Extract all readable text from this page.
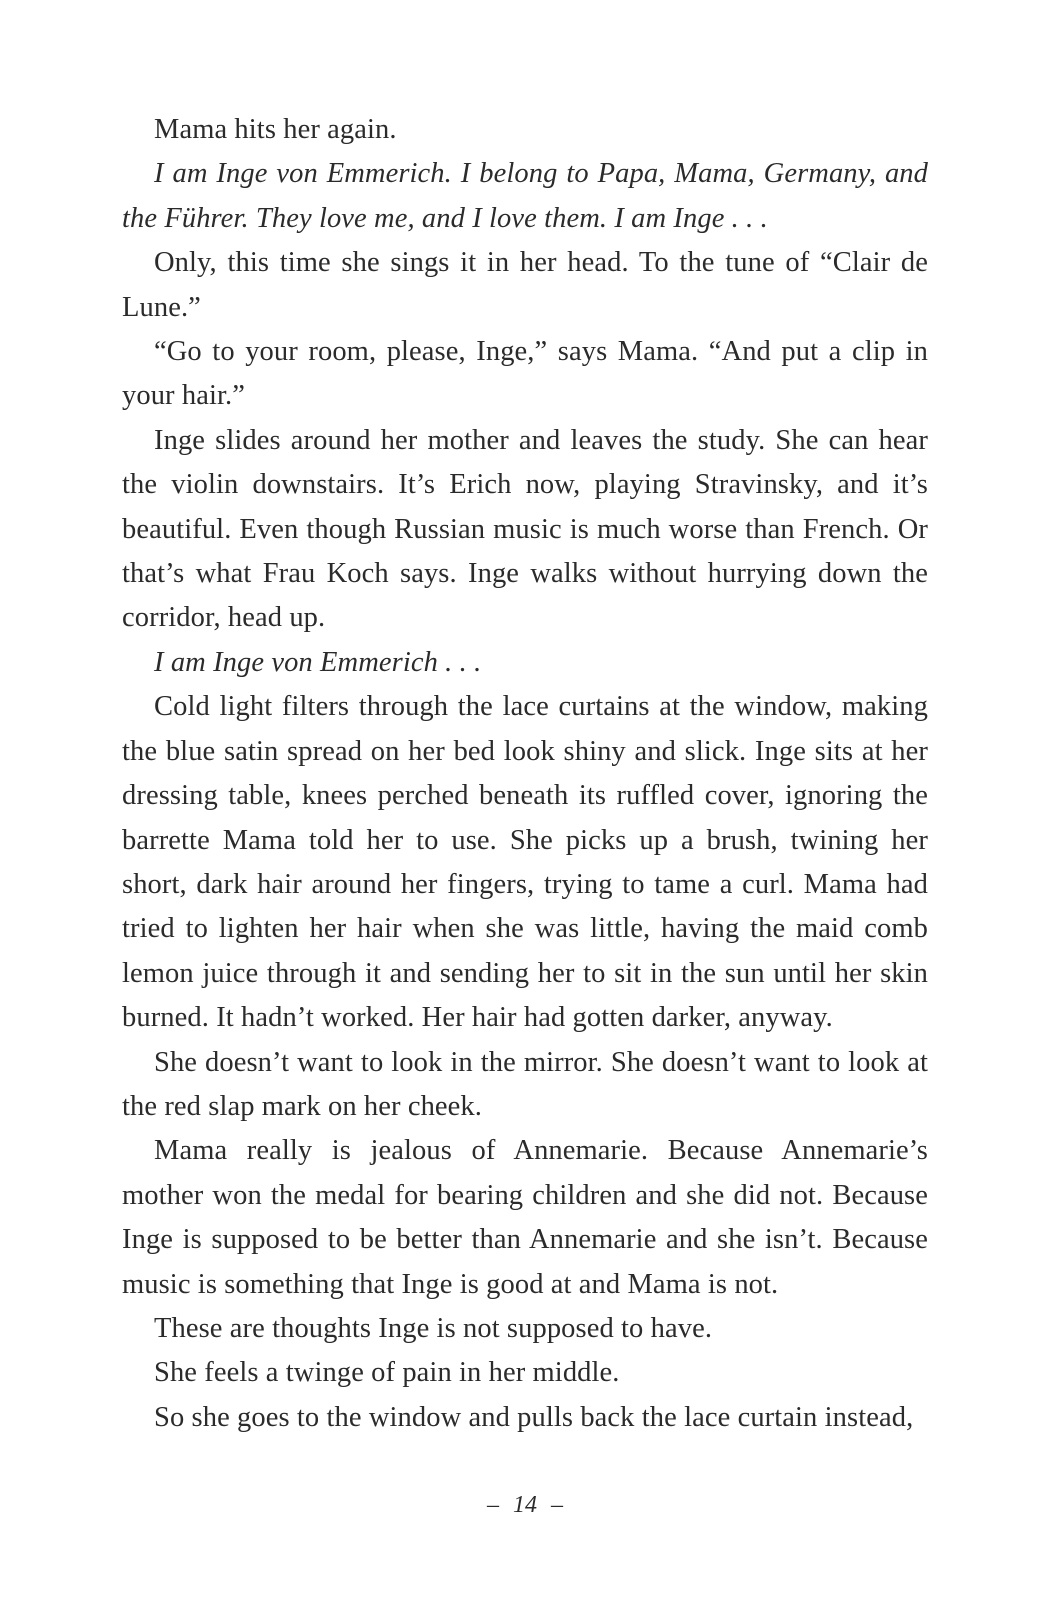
Mama hits her again.

I am Inge von Emmerich. I belong to Papa, Mama, Germany, and the Führer. They love me, and I love them. I am Inge . . .

Only, this time she sings it in her head. To the tune of “Clair de Lune.”

“Go to your room, please, Inge,” says Mama. “And put a clip in your hair.”

Inge slides around her mother and leaves the study. She can hear the violin downstairs. It’s Erich now, playing Stravinsky, and it’s beautiful. Even though Russian music is much worse than French. Or that’s what Frau Koch says. Inge walks without hurrying down the corridor, head up.

I am Inge von Emmerich . . .

Cold light filters through the lace curtains at the window, making the blue satin spread on her bed look shiny and slick. Inge sits at her dressing table, knees perched beneath its ruffled cover, ignoring the barrette Mama told her to use. She picks up a brush, twining her short, dark hair around her fingers, trying to tame a curl. Mama had tried to lighten her hair when she was little, having the maid comb lemon juice through it and sending her to sit in the sun until her skin burned. It hadn’t worked. Her hair had gotten darker, anyway.

She doesn’t want to look in the mirror. She doesn’t want to look at the red slap mark on her cheek.

Mama really is jealous of Annemarie. Because Annemarie’s mother won the medal for bearing children and she did not. Because Inge is supposed to be better than Annemarie and she isn’t. Because music is something that Inge is good at and Mama is not.

These are thoughts Inge is not supposed to have.

She feels a twinge of pain in her middle.

So she goes to the window and pulls back the lace curtain instead,

– 14 –
